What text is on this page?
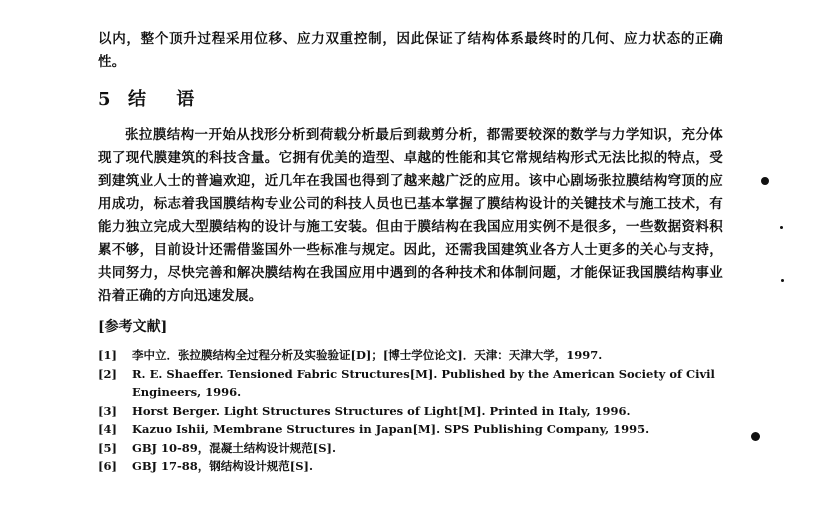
以内，整个顶升过程采用位移、应力双重控制，因此保证了结构体系最终时的几何、应力状态的正确性。

5 结 语

张拉膜结构一开始从找形分析到荷载分析最后到裁剪分析，都需要较深的数学与力学知识，充分体现了现代膜建筑的科技含量。它拥有优美的造型、卓越的性能和其它常规结构形式无法比拟的特点，受到建筑业人士的普遍欢迎，近几年在我国也得到了越来越广泛的应用。该中心剧场张拉膜结构穹顶的应用成功，标志着我国膜结构专业公司的科技人员也已基本掌握了膜结构设计的关键技术与施工技术，有能力独立完成大型膜结构的设计与施工安装。但由于膜结构在我国应用实例不是很多，一些数据资料积累不够，目前设计还需借鉴国外一些标准与规定。因此，还需我国建筑业各方人士更多的关心与支持，共同努力，尽快完善和解决膜结构在我国应用中遇到的各种技术和体制问题，才能保证我国膜结构事业沿着正确的方向迅速发展。

[参考文献]
[1]	李中立．张拉膜结构全过程分析及实验验证[D]；[博士学位论文]．天津：天津大学，1997.
[2]	R. E. Shaeffer. Tensioned Fabric Structures[M]. Published by the American Society of Civil Engineers, 1996.
[3]	Horst Berger. Light Structures Structures of Light[M]. Printed in Italy, 1996.
[4]	Kazuo Ishii, Membrane Structures in Japan[M]. SPS Publishing Company, 1995.
[5]	GBJ 10-89，混凝土结构设计规范[S].
[6]	GBJ 17-88，钢结构设计规范[S].
